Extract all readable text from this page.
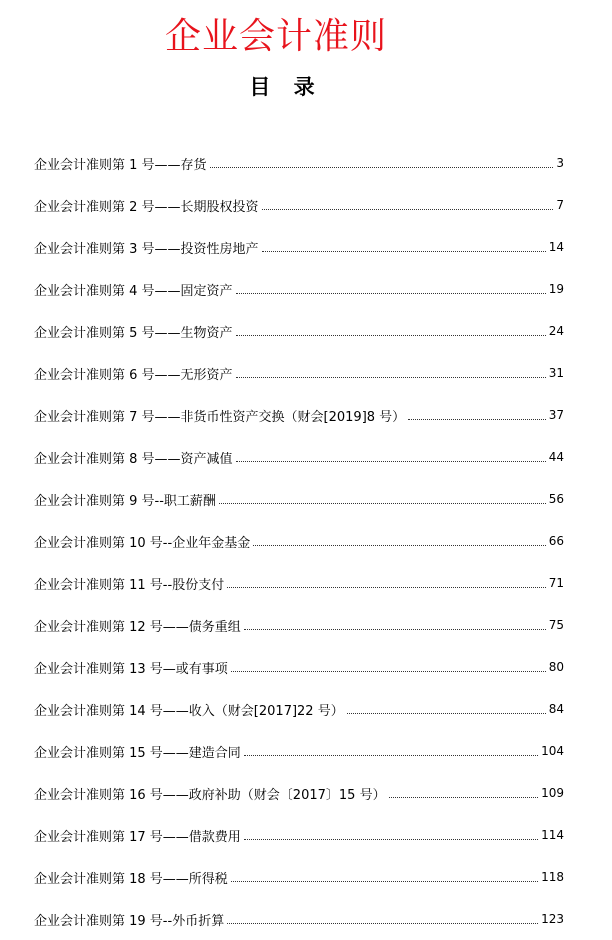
企业会计准则
目 录
企业会计准则第 1 号——存货	3
企业会计准则第 2 号——长期股权投资	7
企业会计准则第 3 号——投资性房地产	14
企业会计准则第 4 号——固定资产	19
企业会计准则第 5 号——生物资产	24
企业会计准则第 6 号——无形资产	31
企业会计准则第 7 号——非货币性资产交换（财会[2019]8 号）	37
企业会计准则第 8 号——资产减值	44
企业会计准则第 9 号--职工薪酬	56
企业会计准则第 10 号--企业年金基金	66
企业会计准则第 11 号--股份支付	71
企业会计准则第 12 号——债务重组	75
企业会计准则第 13 号—或有事项	80
企业会计准则第 14 号——收入（财会[2017]22 号）	84
企业会计准则第 15 号——建造合同	104
企业会计准则第 16 号——政府补助（财会〔2017〕15 号）	109
企业会计准则第 17 号——借款费用	114
企业会计准则第 18 号——所得税	118
企业会计准则第 19 号--外币折算	123
